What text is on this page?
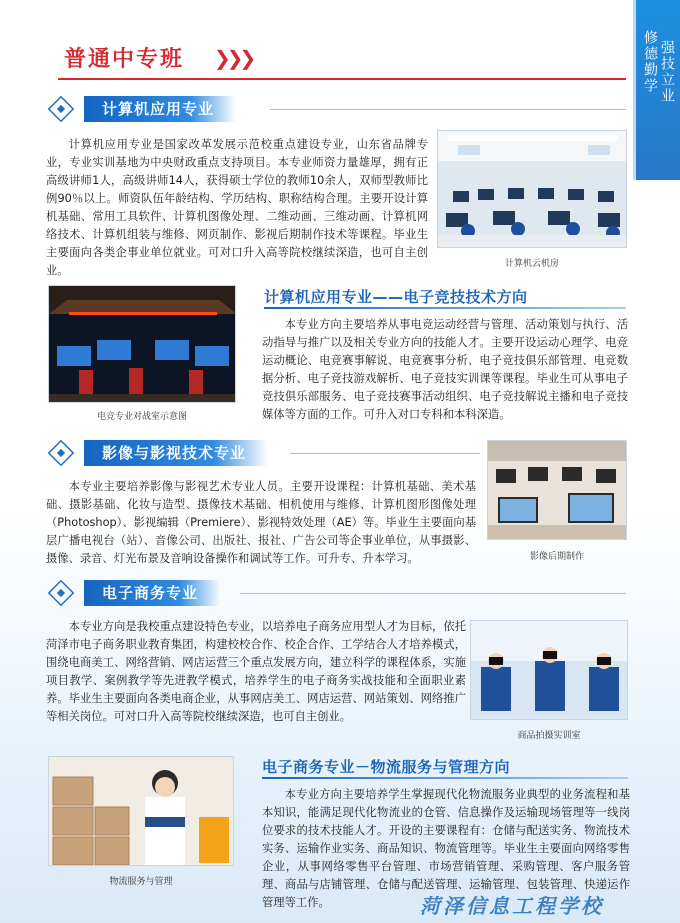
修德勤学 强技立业
普通中专班 ❯❯❯
计算机应用专业
计算机应用专业是国家改革发展示范校重点建设专业，山东省品牌专业，专业实训基地为中央财政重点支持项目。本专业师资力量雄厚，拥有正高级讲师1人，高级讲师14人，获得硕士学位的教师10余人，双师型教师比例90％以上。师资队伍年龄结构、学历结构、职称结构合理。主要开设计算机基础、常用工具软件、计算机图像处理、二维动画、三维动画、计算机网络技术、计算机组装与维修、网页制作、影视后期制作技术等课程。毕业生主要面向各类企事业单位就业。可对口升入高等院校继续深造，也可自主创业。	计算机云机房
电竞专业对战室示意图
计算机应用专业——电子竞技技术方向
本专业方向主要培养从事电竞运动经营与管理、活动策划与执行、活动指导与推广以及相关专业方向的技能人才。主要开设运动心理学、电竞运动概论、电竞赛事解说、电竞赛事分析、电子竞技俱乐部管理、电竞数据分析、电子竞技游戏解析、电子竞技实训课等课程。毕业生可从事电子竞技俱乐部服务、电子竞技赛事活动组织、电子竞技解说主播和电子竞技媒体等方面的工作。可升入对口专科和本科深造。
影像与影视技术专业
本专业主要培养影像与影视艺术专业人员。主要开设课程：计算机基础、美术基础、摄影基础、化妆与造型、摄像技术基础、相机使用与维修、计算机图形图像处理（Photoshop）、影视编辑（Premiere）、影视特效处理（AE）等。毕业生主要面向基层广播电视台（站）、音像公司、出版社、报社、广告公司等企事业单位，从事摄影、摄像、录音、灯光布景及音响设备操作和调试等工作。可升专、升本学习。	影像后期制作
电子商务专业
本专业方向是我校重点建设特色专业，以培养电子商务应用型人才为目标，依托菏泽市电子商务职业教育集团，构建校校合作、校企合作、工学结合人才培养模式，围绕电商美工、网络营销、网店运营三个重点发展方向，建立科学的课程体系，实施项目教学、案例教学等先进教学模式，培养学生的电子商务实战技能和全面职业素养。毕业生主要面向各类电商企业，从事网店美工、网店运营、网站策划、网络推广等相关岗位。可对口升入高等院校继续深造，也可自主创业。
商品拍摄实训室
物流服务与管理
电子商务专业－物流服务与管理方向
本专业方向主要培养学生掌握现代化物流服务业典型的业务流程和基本知识，能满足现代化物流业的仓管、信息操作及运输现场管理等一线岗位要求的技术技能人才。开设的主要课程有：仓储与配送实务、物流技术实务、运输作业实务、商品知识、物流管理等。毕业生主要面向网络零售企业，从事网络零售平台管理、市场营销管理、采购管理、客户服务管理、商品与店铺管理、仓储与配送管理、运输管理、包装管理、快递运作管理等工作。	菏泽信息工程学校
